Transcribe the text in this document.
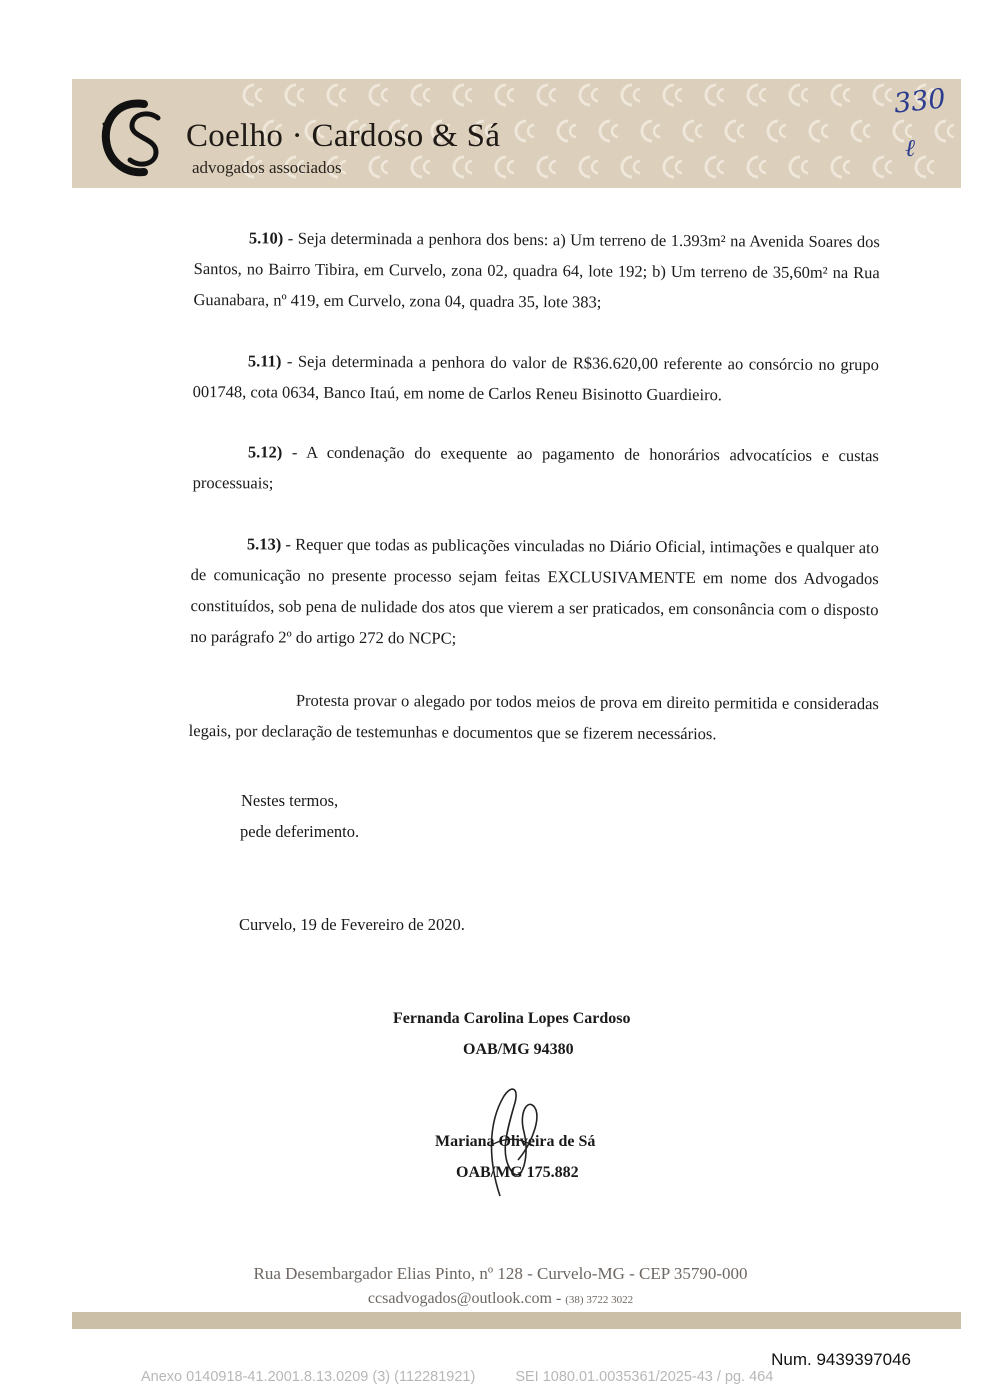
Coelho · Cardoso & Sá
advogados associados
330
ℓ
5.10) - Seja determinada a penhora dos bens: a) Um terreno de 1.393m² na Avenida Soares dos Santos, no Bairro Tibira, em Curvelo, zona 02, quadra 64, lote 192; b) Um terreno de 35,60m² na Rua Guanabara, nº 419, em Curvelo, zona 04, quadra 35, lote 383;
5.11) - Seja determinada a penhora do valor de R$36.620,00 referente ao consórcio no grupo 001748, cota 0634, Banco Itaú, em nome de Carlos Reneu Bisinotto Guardieiro.
5.12) - A condenação do exequente ao pagamento de honorários advocatícios e custas processuais;
5.13) - Requer que todas as publicações vinculadas no Diário Oficial, intimações e qualquer ato de comunicação no presente processo sejam feitas EXCLUSIVAMENTE em nome dos Advogados constituídos, sob pena de nulidade dos atos que vierem a ser praticados, em consonância com o disposto no parágrafo 2º do artigo 272 do NCPC;
Protesta provar o alegado por todos meios de prova em direito permitida e consideradas legais, por declaração de testemunhas e documentos que se fizerem necessários.
Nestes termos,
pede deferimento.
Curvelo, 19 de Fevereiro de 2020.
Fernanda Carolina Lopes Cardoso
OAB/MG 94380
Mariana Oliveira de Sá
OAB/MG 175.882
Rua Desembargador Elias Pinto, nº 128 - Curvelo-MG - CEP 35790-000
ccsadvogados@outlook.com - (38) 3722 3022
Num. 9439397046
Anexo 0140918-41.2001.8.13.0209 (3) (112281921)	SEI 1080.01.0035361/2025-43 / pg. 464
